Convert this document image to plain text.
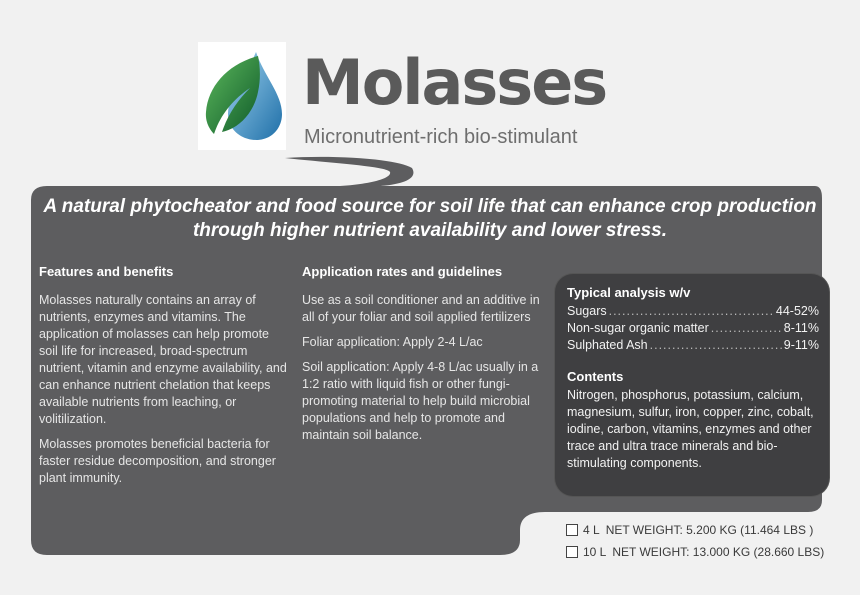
Molasses
Micronutrient-rich bio-stimulant
A natural phytocheator and food source for soil life that can enhance crop production through higher nutrient availability and lower stress.
Features and benefits

Molasses naturally contains an array of nutrients, enzymes and vitamins. The application of molasses can help promote soil life for increased, broad-spectrum nutrient, vitamin and enzyme availability, and can enhance nutrient chelation that keeps available nutrients from leaching, or volitilization.

Molasses promotes beneficial bacteria for faster residue decomposition, and stronger plant immunity.

Application rates and guidelines

Use as a soil conditioner and an additive in all of your foliar and soil applied fertilizers

Foliar application: Apply 2-4 L/ac

Soil application: Apply 4-8 L/ac usually in a 1:2 ratio with liquid fish or other fungi-promoting material to help build microbial populations and help to promote and maintain soil balance.

Typical analysis w/v
Sugars .....	44-52%
Non-sugar organic matter .....	8-11%
Sulphated Ash .....	9-11%
Contents

Nitrogen, phosphorus, potassium, calcium, magnesium, sulfur, iron, copper, zinc, cobalt, iodine, carbon, vitamins, enzymes and other trace and ultra trace minerals and bio-stimulating components.

4 L NET WEIGHT: 5.200 KG (11.464 LBS )
10 L NET WEIGHT: 13.000 KG (28.660 LBS)
